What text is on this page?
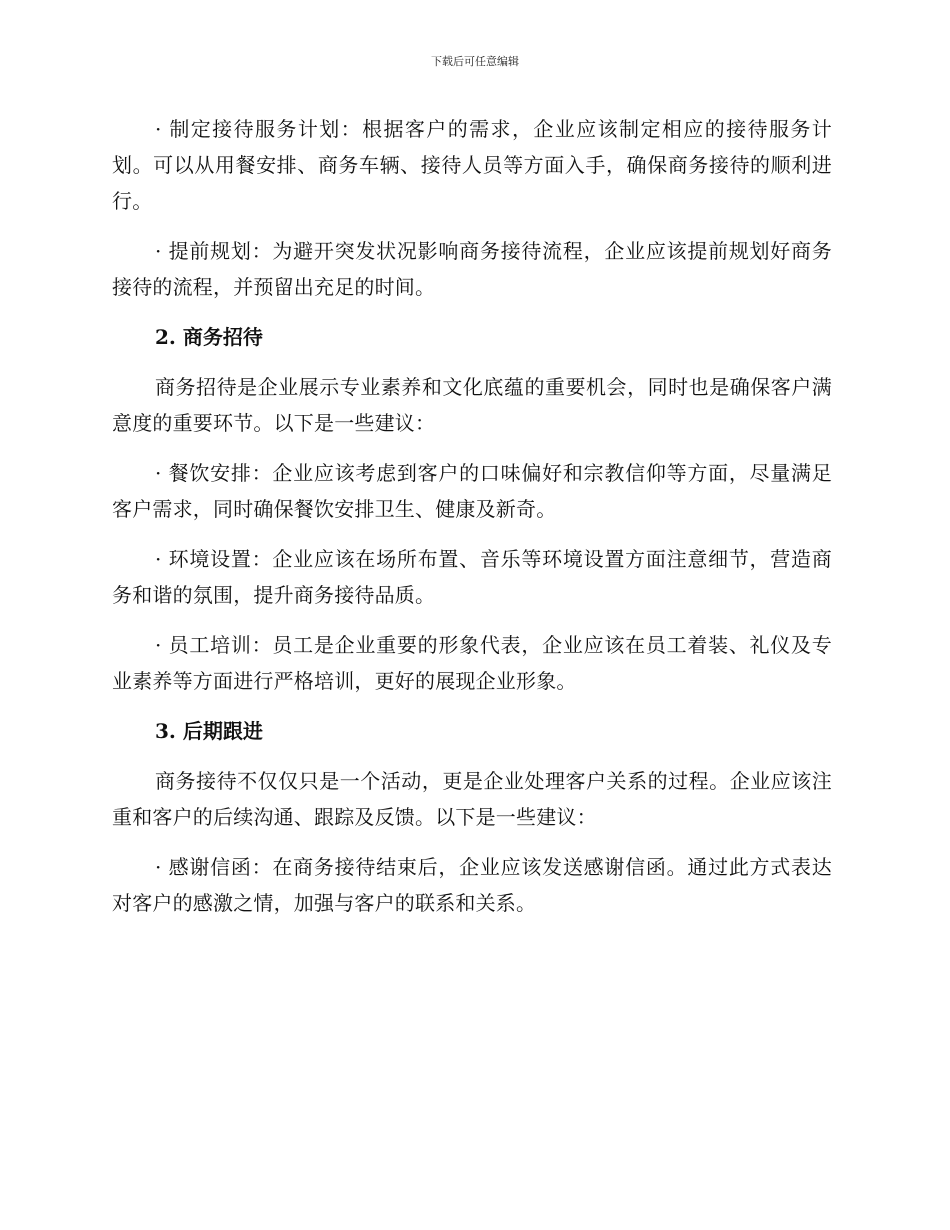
下载后可任意编辑

· 制定接待服务计划：根据客户的需求，企业应该制定相应的接待服务计划。可以从用餐安排、商务车辆、接待人员等方面入手，确保商务接待的顺利进行。

· 提前规划：为避开突发状况影响商务接待流程，企业应该提前规划好商务接待的流程，并预留出充足的时间。

2. 商务招待

商务招待是企业展示专业素养和文化底蕴的重要机会，同时也是确保客户满意度的重要环节。以下是一些建议：

· 餐饮安排：企业应该考虑到客户的口味偏好和宗教信仰等方面，尽量满足客户需求，同时确保餐饮安排卫生、健康及新奇。

· 环境设置：企业应该在场所布置、音乐等环境设置方面注意细节，营造商务和谐的氛围，提升商务接待品质。

· 员工培训：员工是企业重要的形象代表，企业应该在员工着装、礼仪及专业素养等方面进行严格培训，更好的展现企业形象。

3. 后期跟进

商务接待不仅仅只是一个活动，更是企业处理客户关系的过程。企业应该注重和客户的后续沟通、跟踪及反馈。以下是一些建议：

· 感谢信函：在商务接待结束后，企业应该发送感谢信函。通过此方式表达对客户的感激之情，加强与客户的联系和关系。
